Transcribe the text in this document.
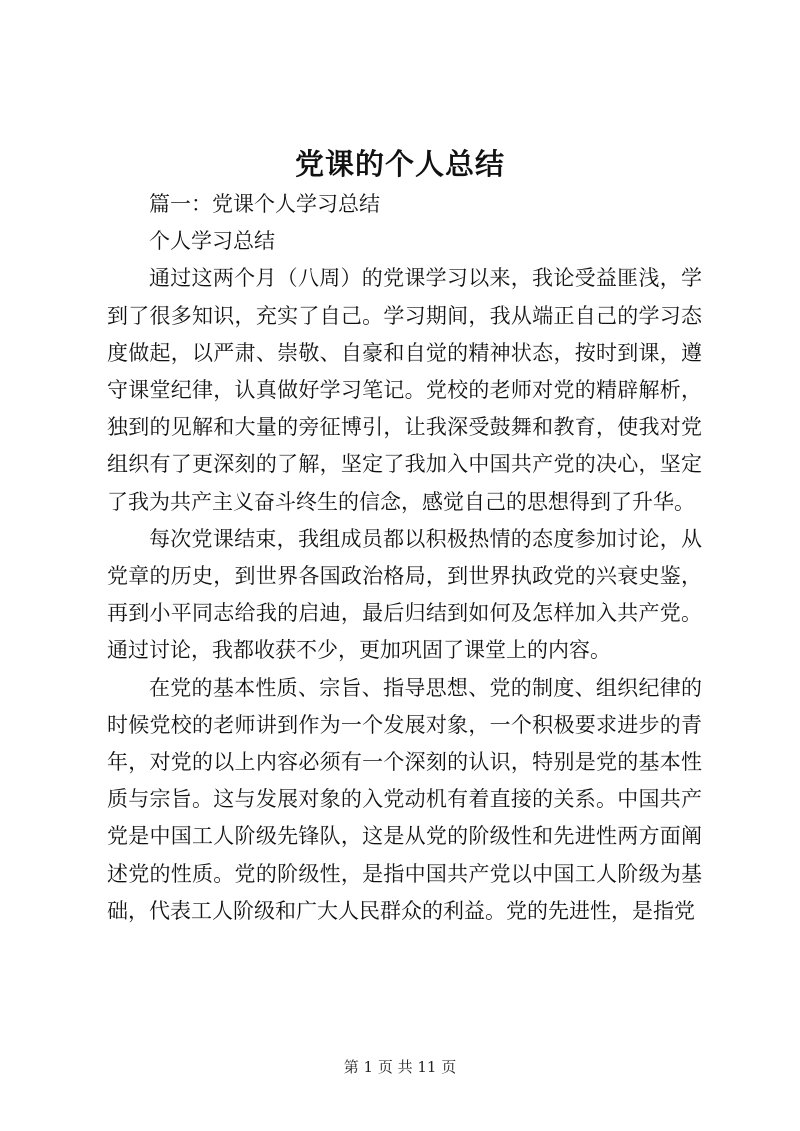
党课的个人总结

篇一：党课个人学习总结

个人学习总结

通过这两个月（八周）的党课学习以来，我论受益匪浅，学到了很多知识，充实了自己。学习期间，我从端正自己的学习态度做起，以严肃、崇敬、自豪和自觉的精神状态，按时到课，遵守课堂纪律，认真做好学习笔记。党校的老师对党的精辟解析，独到的见解和大量的旁征博引，让我深受鼓舞和教育，使我对党组织有了更深刻的了解，坚定了我加入中国共产党的决心，坚定了我为共产主义奋斗终生的信念，感觉自己的思想得到了升华。

每次党课结束，我组成员都以积极热情的态度参加讨论，从党章的历史，到世界各国政治格局，到世界执政党的兴衰史鉴，再到小平同志给我的启迪，最后归结到如何及怎样加入共产党。通过讨论，我都收获不少，更加巩固了课堂上的内容。

在党的基本性质、宗旨、指导思想、党的制度、组织纪律的时候党校的老师讲到作为一个发展对象，一个积极要求进步的青年，对党的以上内容必须有一个深刻的认识，特别是党的基本性质与宗旨。这与发展对象的入党动机有着直接的关系。中国共产党是中国工人阶级先锋队，这是从党的阶级性和先进性两方面阐述党的性质。党的阶级性，是指中国共产党以中国工人阶级为基础，代表工人阶级和广大人民群众的利益。党的先进性，是指党

第 1 页 共 11 页
